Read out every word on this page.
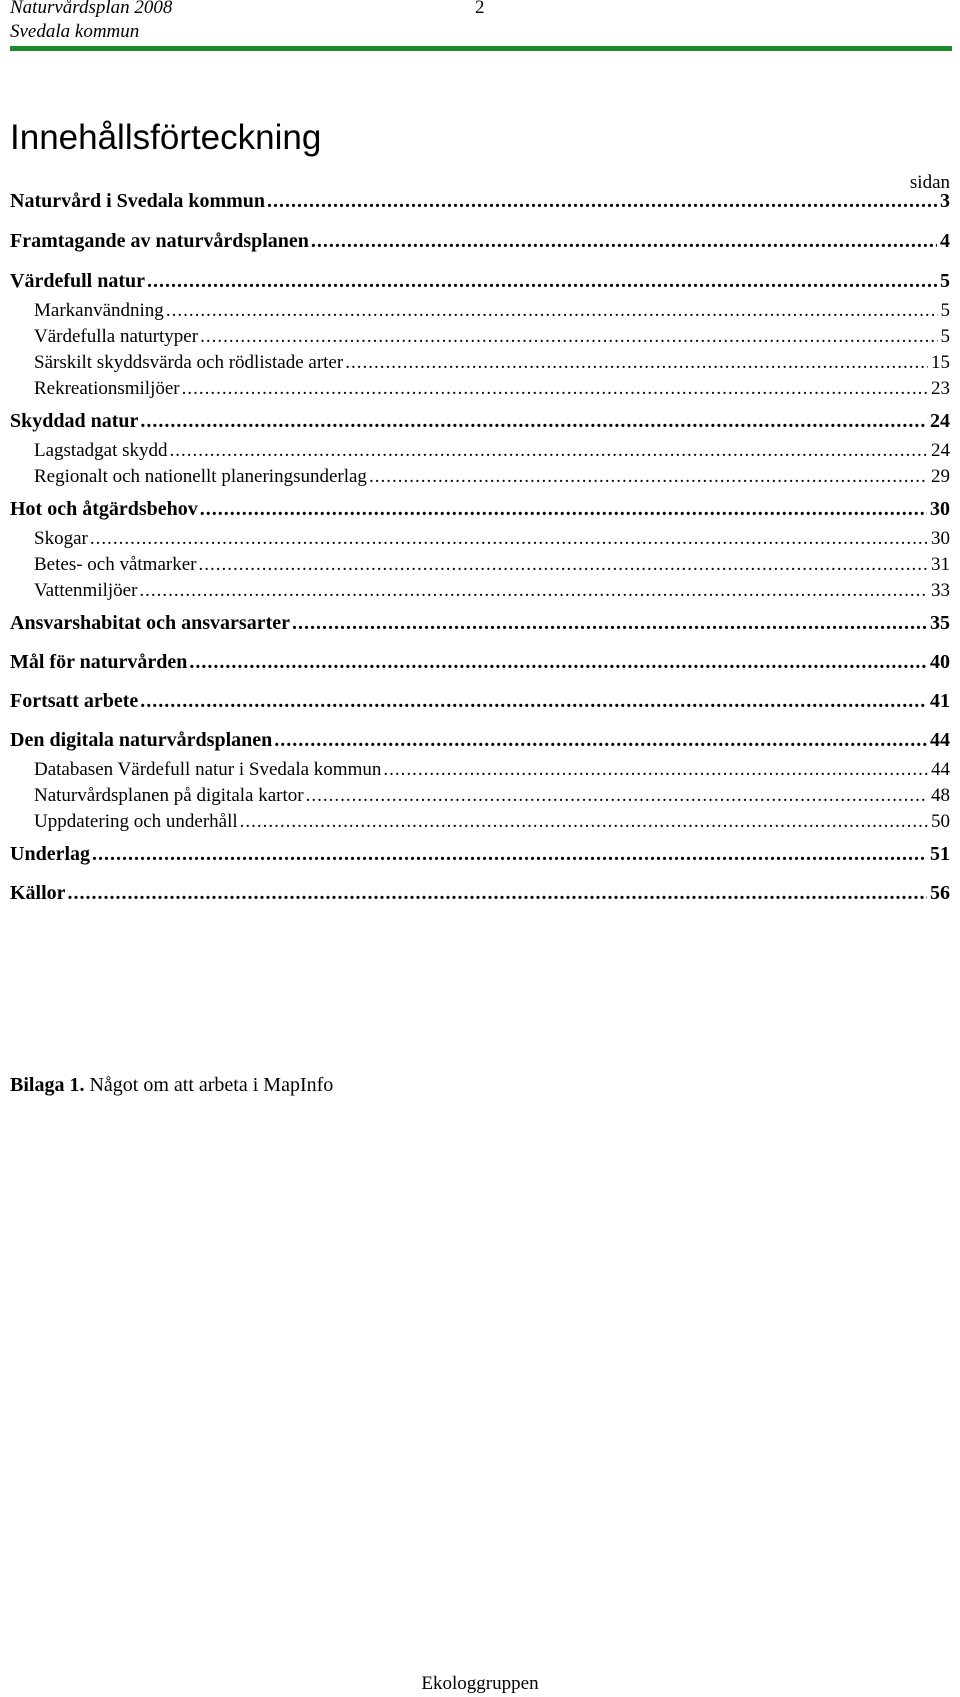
Naturvårdsplan 2008
Svedala kommun
2
Innehållsförteckning
sidan
Naturvård i Svedala kommun .....	3
Framtagande av naturvårdsplanen .....	4
Värdefull natur .....	5
Markanvändning .....	5
Värdefulla naturtyper .....	5
Särskilt skyddsvärda och rödlistade arter .....	15
Rekreationsmiljöer .....	23
Skyddad natur .....	24
Lagstadgat skydd .....	24
Regionalt och nationellt planeringsunderlag .....	29
Hot och åtgärdsbehov .....	30
Skogar .....	30
Betes- och våtmarker .....	31
Vattenmiljöer .....	33
Ansvarshabitat och ansvarsarter .....	35
Mål för naturvården .....	40
Fortsatt arbete .....	41
Den digitala naturvårdsplanen .....	44
Databasen Värdefull natur i Svedala kommun .....	44
Naturvårdsplanen på digitala kartor .....	48
Uppdatering och underhåll .....	50
Underlag .....	51
Källor .....	56
Bilaga 1. Något om att arbeta i MapInfo
Ekologgruppen
